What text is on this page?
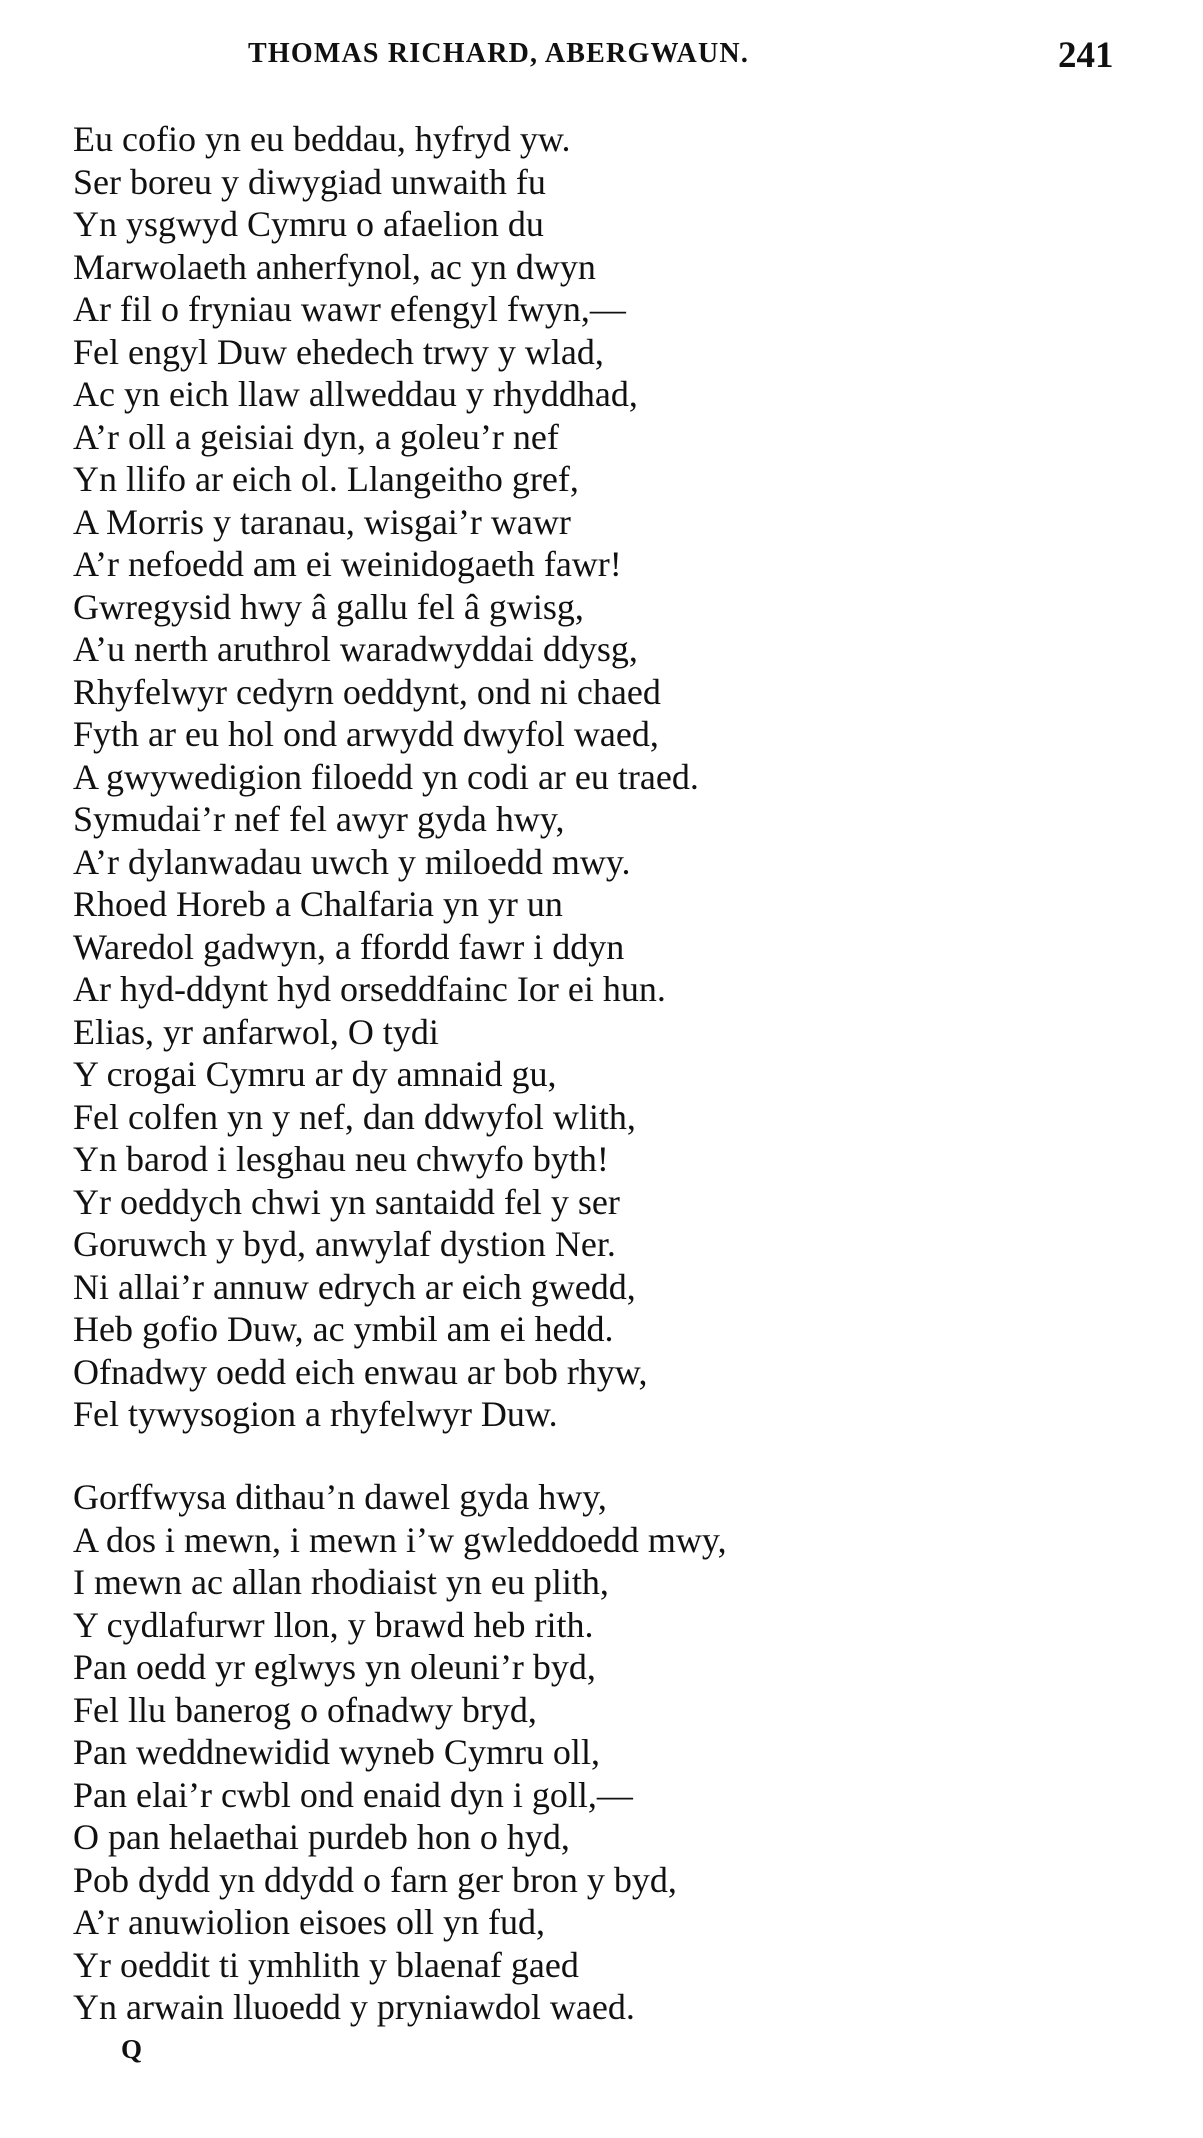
THOMAS RICHARD, ABERGWAUN.	241
Eu cofio yn eu beddau, hyfryd yw.
Ser boreu y diwygiad unwaith fu
Yn ysgwyd Cymru o afaelion du
Marwolaeth anherfynol, ac yn dwyn
Ar fil o fryniau wawr efengyl fwyn,—
Fel engyl Duw ehedech trwy y wlad,
Ac yn eich llaw allweddau y rhyddhad,
A’r oll a geisiai dyn, a goleu’r nef
Yn llifo ar eich ol. Llangeitho gref,
A Morris y taranau, wisgai’r wawr
A’r nefoedd am ei weinidogaeth fawr!
Gwregysid hwy â gallu fel â gwisg,
A’u nerth aruthrol waradwyddai ddysg,
Rhyfelwyr cedyrn oeddynt, ond ni chaed
Fyth ar eu hol ond arwydd dwyfol waed,
A gwywedigion filoedd yn codi ar eu traed.
Symudai’r nef fel awyr gyda hwy,
A’r dylanwadau uwch y miloedd mwy.
Rhoed Horeb a Chalfaria yn yr un
Waredol gadwyn, a ffordd fawr i ddyn
Ar hyd-ddynt hyd orseddfainc Ior ei hun.
Elias, yr anfarwol, O tydi
Y crogai Cymru ar dy amnaid gu,
Fel colfen yn y nef, dan ddwyfol wlith,
Yn barod i lesghau neu chwyfo byth!
Yr oeddych chwi yn santaidd fel y ser
Goruwch y byd, anwylaf dystion Ner.
Ni allai’r annuw edrych ar eich gwedd,
Heb gofio Duw, ac ymbil am ei hedd.
Ofnadwy oedd eich enwau ar bob rhyw,
Fel tywysogion a rhyfelwyr Duw.
Gorffwysa dithau’n dawel gyda hwy,
A dos i mewn, i mewn i’w gwleddoedd mwy,
I mewn ac allan rhodiaist yn eu plith,
Y cydlafurwr llon, y brawd heb rith.
Pan oedd yr eglwys yn oleuni’r byd,
Fel llu banerog o ofnadwy bryd,
Pan weddnewidid wyneb Cymru oll,
Pan elai’r cwbl ond enaid dyn i goll,—
O pan helaethai purdeb hon o hyd,
Pob dydd yn ddydd o farn ger bron y byd,
A’r anuwiolion eisoes oll yn fud,
Yr oeddit ti ymhlith y blaenaf gaed
Yn arwain lluoedd y pryniawdol waed.
Q
